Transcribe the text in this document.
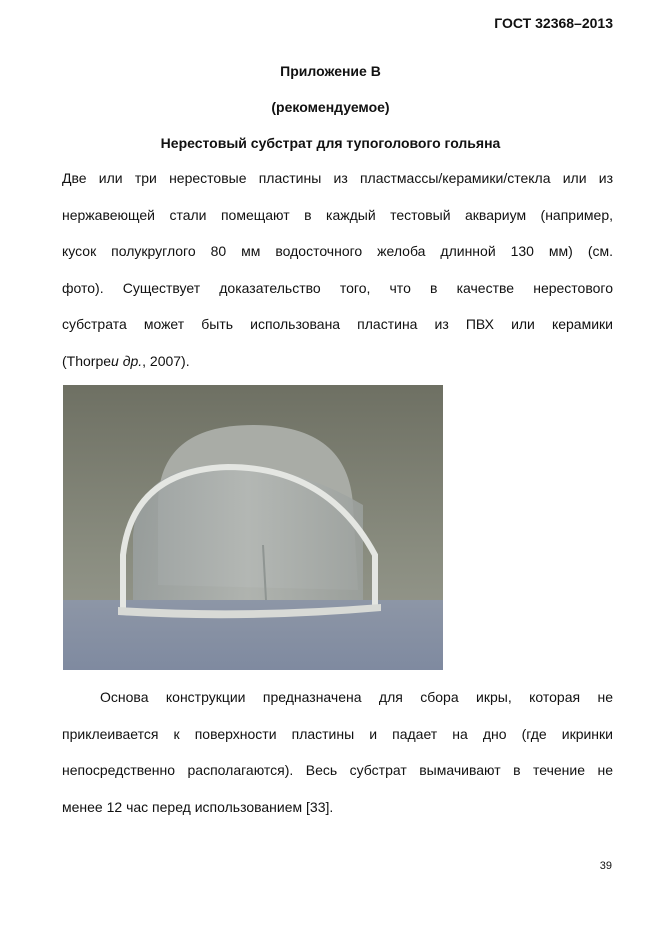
ГОСТ 32368–2013
Приложение В
(рекомендуемое)
Нерестовый субстрат для тупоголового гольяна
Две или три нерестовые пластины из пластмассы/керамики/стекла или из
нержавеющей стали помещают в каждый тестовый аквариум (например,
кусок полукруглого 80 мм водосточного желоба длинной 130 мм) (см.
фото). Существует доказательство того, что в качестве нерестового
субстрата может быть использована пластина из ПВХ или керамики
(Thorpeи др., 2007).
Основа конструкции предназначена для сбора икры, которая не
приклеивается к поверхности пластины и падает на дно (где икринки
непосредственно располагаются). Весь субстрат вымачивают в течение не
менее 12 час перед использованием [33].
39
